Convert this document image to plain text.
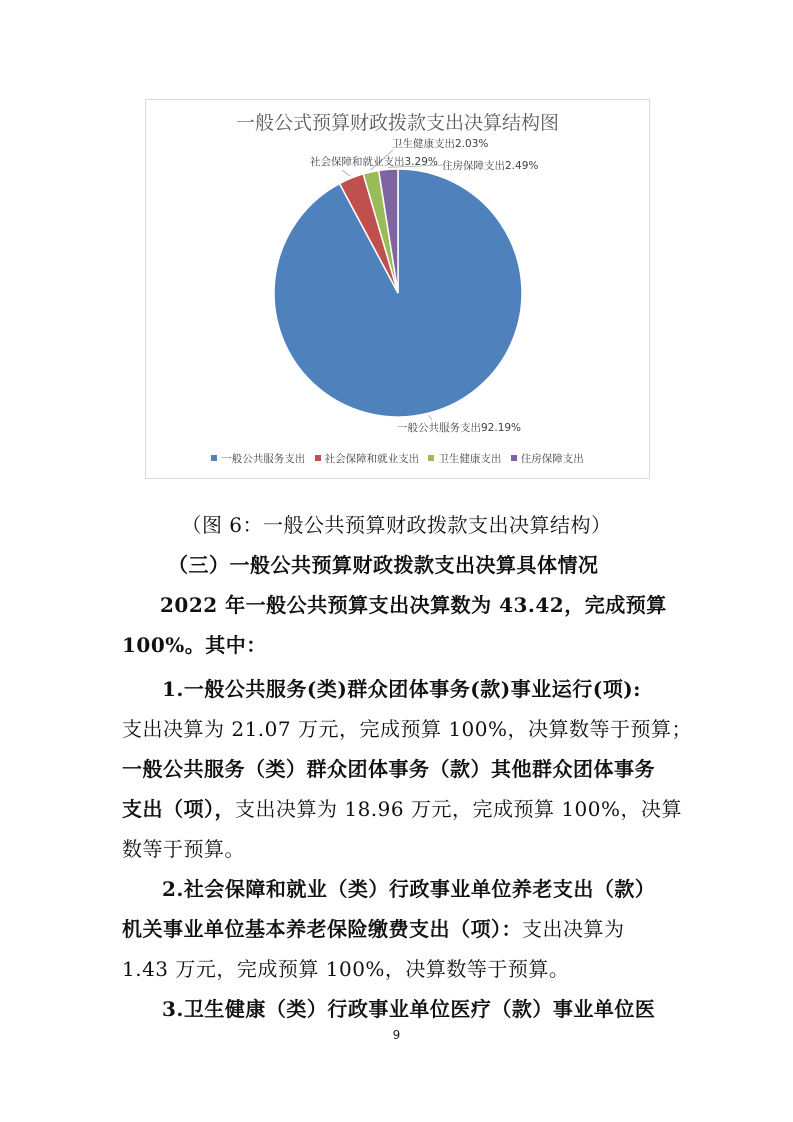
一般公式预算财政拨款支出决算结构图
社会保障和就业支出3.29%
卫生健康支出2.03%
住房保障支出2.49%
一般公共服务支出92.19%
一般公共服务支出 社会保障和就业支出 卫生健康支出 住房保障支出
（图 6：一般公共预算财政拨款支出决算结构）
（三）一般公共预算财政拨款支出决算具体情况
2022 年一般公共预算支出决算数为 43.42，完成预算
100%。其中：
1.一般公共服务(类)群众团体事务(款)事业运行(项):
支出决算为 21.07 万元，完成预算 100%，决算数等于预算；
一般公共服务（类）群众团体事务（款）其他群众团体事务
支出（项），支出决算为 18.96 万元，完成预算 100%，决算
数等于预算。
2.社会保障和就业（类）行政事业单位养老支出（款）
机关事业单位基本养老保险缴费支出（项）：支出决算为
1.43 万元，完成预算 100%，决算数等于预算。
3.卫生健康（类）行政事业单位医疗（款）事业单位医
9
